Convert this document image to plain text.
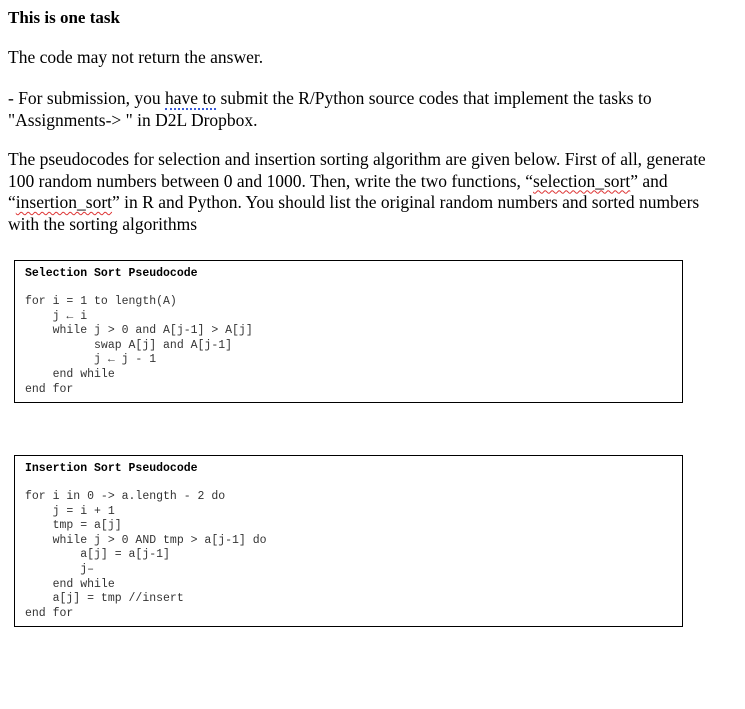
This is one task
The code may not return the answer.
- For submission, you have to submit the R/Python source codes that implement the tasks to "Assignments-> " in D2L Dropbox.
The pseudocodes for selection and insertion sorting algorithm are given below. First of all, generate 100 random numbers between 0 and 1000. Then, write the two functions, “selection_sort” and “insertion_sort” in R and Python. You should list the original random numbers and sorted numbers with the sorting algorithms
Selection Sort Pseudocode
for i = 1 to length(A)
j ← i
while j > 0 and A[j-1] > A[j]
swap A[j] and A[j-1]
j ← j - 1
end while
end for
Insertion Sort Pseudocode
for i in 0 -> a.length - 2 do
j = i + 1
tmp = a[j]
while j > 0 AND tmp > a[j-1] do
a[j] = a[j-1]
j–
end while
a[j] = tmp //insert
end for
